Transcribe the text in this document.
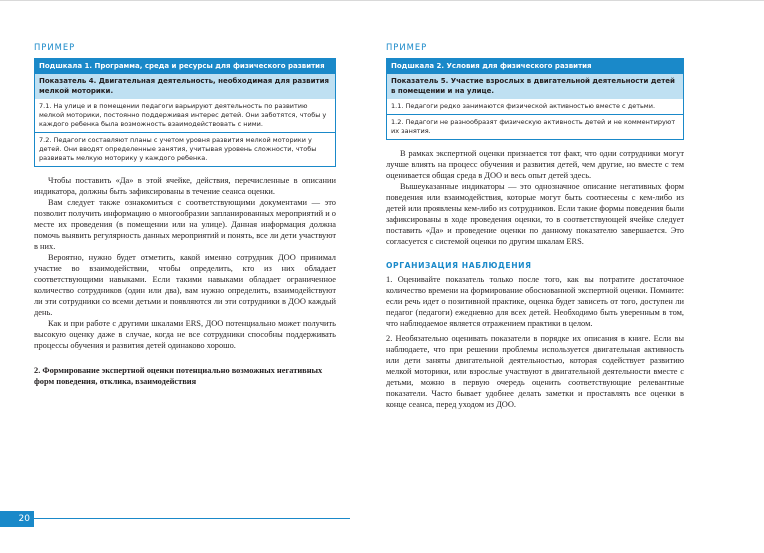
ПРИМЕР
Подшкала 1. Программа, среда и ресурсы для физического развития
Показатель 4. Двигательная деятельность, необходимая для развития мелкой моторики.
7.1. На улице и в помещении педагоги варьируют деятельность по развитию мелкой моторики, постоянно поддерживая интерес детей. Они заботятся, чтобы у каждого ребенка была возможность взаимодействовать с ними.
7.2. Педагоги составляют планы с учетом уровня развития мелкой моторики у детей. Они вводят определенные занятия, учитывая уровень сложности, чтобы развивать мелкую моторику у каждого ребенка.

Чтобы поставить «Да» в этой ячейке, действия, перечисленные в описании индикатора, должны быть зафиксированы в течение сеанса оценки.

Вам следует также ознакомиться с соответствующими документами — это позволит получить информацию о многообразии запланированных мероприятий и о месте их проведения (в помещении или на улице). Данная информация должна помочь выявить регулярность данных мероприятий и понять, все ли дети участвуют в них.

Вероятно, нужно будет отметить, какой именно сотрудник ДОО принимал участие во взаимодействии, чтобы определить, кто из них обладает соответствующими навыками. Если такими навыками обладает ограниченное количество сотрудников (один или два), вам нужно определить, взаимодействуют ли эти сотрудники со всеми детьми и появляются ли эти сотрудники в ДОО каждый день.

Как и при работе с другими шкалами ERS, ДОО потенциально может получить высокую оценку даже в случае, когда не все сотрудники способны поддерживать процессы обучения и развития детей одинаково хорошо.

2. Формирование экспертной оценки потенциально возможных негативных форм поведения, отклика, взаимодействия

20
ПРИМЕР
Подшкала 2. Условия для физического развития
Показатель 5. Участие взрослых в двигательной деятельности детей в помещении и на улице.
1.1. Педагоги редко занимаются физической активностью вместе с детьми.
1.2. Педагоги не разнообразят физическую активность детей и не комментируют их занятия.

В рамках экспертной оценки признается тот факт, что одни сотрудники могут лучше влиять на процесс обучения и развития детей, чем другие, но вместе с тем оценивается общая среда в ДОО и весь опыт детей здесь.

Вышеуказанные индикаторы — это однозначное описание негативных форм поведения или взаимодействия, которые могут быть соотнесены с кем-либо из детей или проявлены кем-либо из сотрудников. Если такие формы поведения были зафиксированы в ходе проведения оценки, то в соответствующей ячейке следует поставить «Да» и проведение оценки по данному показателю завершается. Это согласуется с системой оценки по другим шкалам ERS.

ОРГАНИЗАЦИЯ НАБЛЮДЕНИЯ

1. Оценивайте показатель только после того, как вы потратите достаточное количество времени на формирование обоснованной экспертной оценки. Помните: если речь идет о позитивной практике, оценка будет зависеть от того, доступен ли педагог (педагоги) ежедневно для всех детей. Необходимо быть уверенным в том, что наблюдаемое является отражением практики в целом.

2. Необязательно оценивать показатели в порядке их описания в книге. Если вы наблюдаете, что при решении проблемы используется двигательная активность или дети заняты двигательной деятельностью, которая содействует развитию мелкой моторики, или взрослые участвуют в двигательной деятельности вместе с детьми, можно в первую очередь оценить соответствующие релевантные показатели. Часто бывает удобнее делать заметки и проставлять все оценки в конце сеанса, перед уходом из ДОО.
